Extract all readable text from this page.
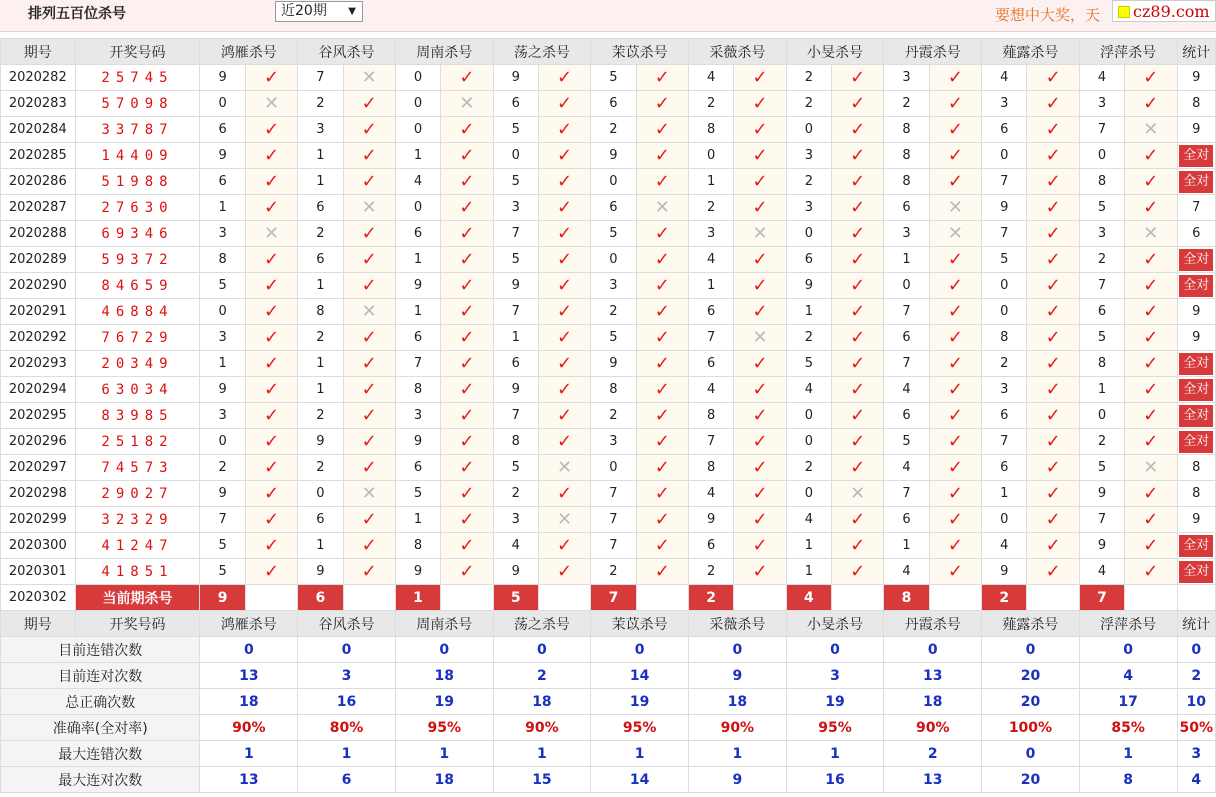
排列五百位杀号	近20期 ▼	要想中大奖，天 cz89.com
期号	开奖号码	鸿雁杀号		谷风杀号		周南杀号		荡之杀号		茉苡杀号		采薇杀号		小旻杀号		丹霞杀号		薤露杀号		浮萍杀号		统计
2020282	25745	9	✓	7	✕	0	✓	9	✓	5	✓	4	✓	2	✓	3	✓	4	✓	4	✓	9
2020283	57098	0	✕	2	✓	0	✕	6	✓	6	✓	2	✓	2	✓	2	✓	3	✓	3	✓	8
2020284	33787	6	✓	3	✓	0	✓	5	✓	2	✓	8	✓	0	✓	8	✓	6	✓	7	✕	9
2020285	14409	9	✓	1	✓	1	✓	0	✓	9	✓	0	✓	3	✓	8	✓	0	✓	0	✓	全对
2020286	51988	6	✓	1	✓	4	✓	5	✓	0	✓	1	✓	2	✓	8	✓	7	✓	8	✓	全对
2020287	27630	1	✓	6	✕	0	✓	3	✓	6	✕	2	✓	3	✓	6	✕	9	✓	5	✓	7
2020288	69346	3	✕	2	✓	6	✓	7	✓	5	✓	3	✕	0	✓	3	✕	7	✓	3	✕	6
2020289	59372	8	✓	6	✓	1	✓	5	✓	0	✓	4	✓	6	✓	1	✓	5	✓	2	✓	全对
2020290	84659	5	✓	1	✓	9	✓	9	✓	3	✓	1	✓	9	✓	0	✓	0	✓	7	✓	全对
2020291	46884	0	✓	8	✕	1	✓	7	✓	2	✓	6	✓	1	✓	7	✓	0	✓	6	✓	9
2020292	76729	3	✓	2	✓	6	✓	1	✓	5	✓	7	✕	2	✓	6	✓	8	✓	5	✓	9
2020293	20349	1	✓	1	✓	7	✓	6	✓	9	✓	6	✓	5	✓	7	✓	2	✓	8	✓	全对
2020294	63034	9	✓	1	✓	8	✓	9	✓	8	✓	4	✓	4	✓	4	✓	3	✓	1	✓	全对
2020295	83985	3	✓	2	✓	3	✓	7	✓	2	✓	8	✓	0	✓	6	✓	6	✓	0	✓	全对
2020296	25182	0	✓	9	✓	9	✓	8	✓	3	✓	7	✓	0	✓	5	✓	7	✓	2	✓	全对
2020297	74573	2	✓	2	✓	6	✓	5	✕	0	✓	8	✓	2	✓	4	✓	6	✓	5	✕	8
2020298	29027	9	✓	0	✕	5	✓	2	✓	7	✓	4	✓	0	✕	7	✓	1	✓	9	✓	8
2020299	32329	7	✓	6	✓	1	✓	3	✕	7	✓	9	✓	4	✓	6	✓	0	✓	7	✓	9
2020300	41247	5	✓	1	✓	8	✓	4	✓	7	✓	6	✓	1	✓	1	✓	4	✓	9	✓	全对
2020301	41851	5	✓	9	✓	9	✓	9	✓	2	✓	2	✓	1	✓	4	✓	9	✓	4	✓	全对
2020302	当前期杀号	9		6		1		5		7		2		4		8		2		7		
期号	开奖号码	鸿雁杀号		谷风杀号		周南杀号		荡之杀号		茉苡杀号		采薇杀号		小旻杀号		丹霞杀号		薤露杀号		浮萍杀号		统计
目前连错次数		0		0		0		0		0		0		0		0		0		0		0
目前连对次数		13		3		18		2		14		9		3		13		20		4		2
总正确次数		18		16		19		18		19		18		19		18		20		17		10
准确率(全对率)		90%		80%		95%		90%		95%		90%		95%		90%		100%		85%		50%
最大连错次数		1		1		1		1		1		1		1		2		0		1		3
最大连对次数		13		6		18		15		14		9		16		13		20		8		4
